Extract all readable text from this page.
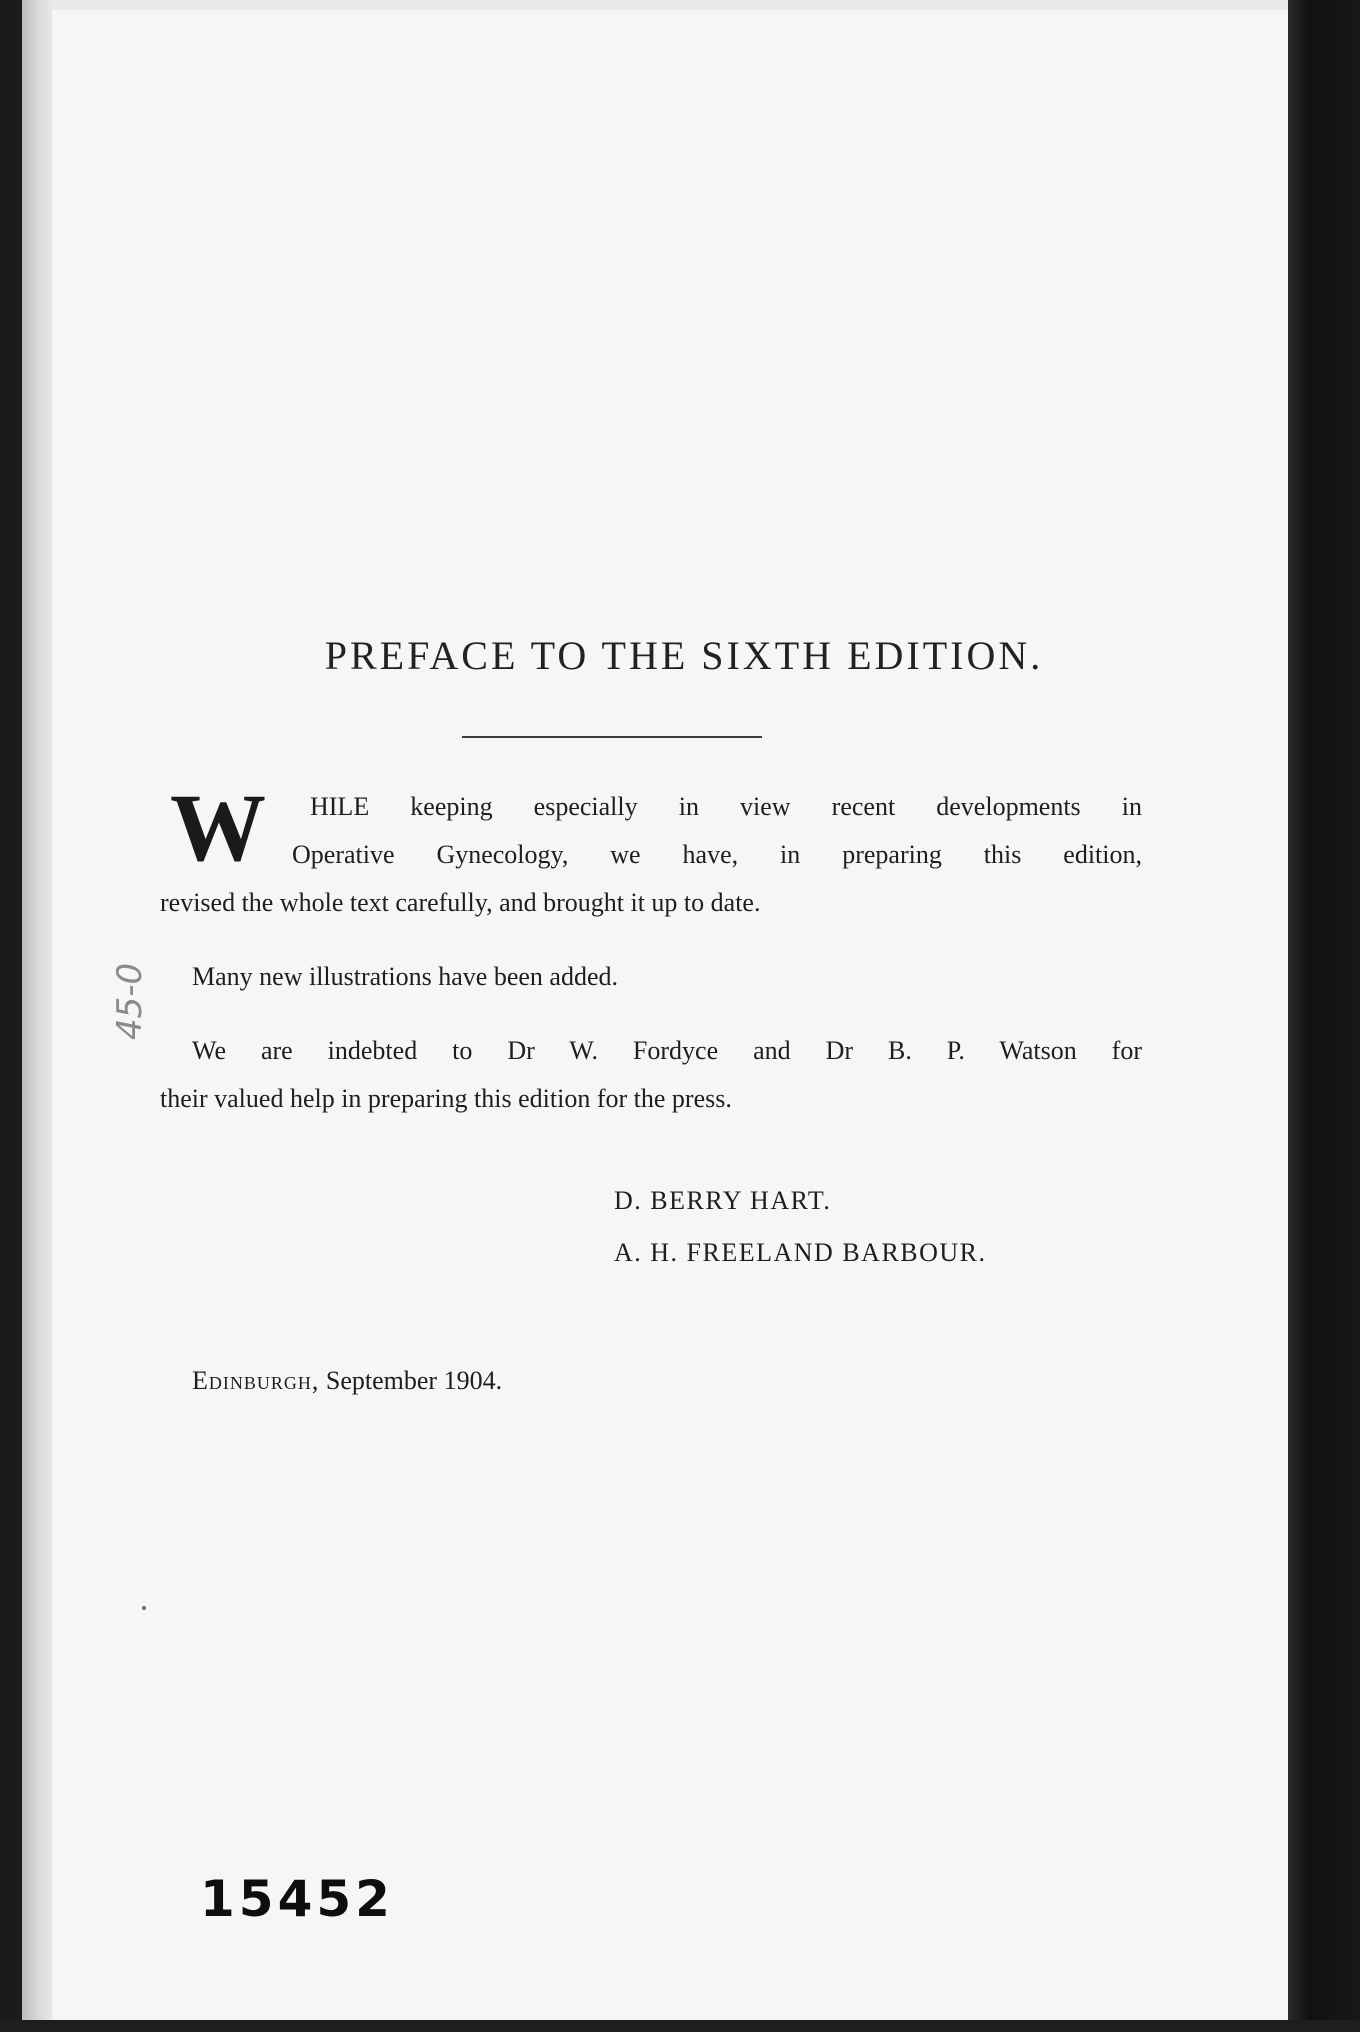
PREFACE TO THE SIXTH EDITION.
W HILE keeping especially in view recent developments in

Operative Gynecology, we have, in preparing this edition,

revised the whole text carefully, and brought it up to date.

Many new illustrations have been added.

We are indebted to Dr W. Fordyce and Dr B. P. Watson for

their valued help in preparing this edition for the press.

D. BERRY HART.

A. H. FREELAND BARBOUR.

Edinburgh, September 1904.

45-0
15452
